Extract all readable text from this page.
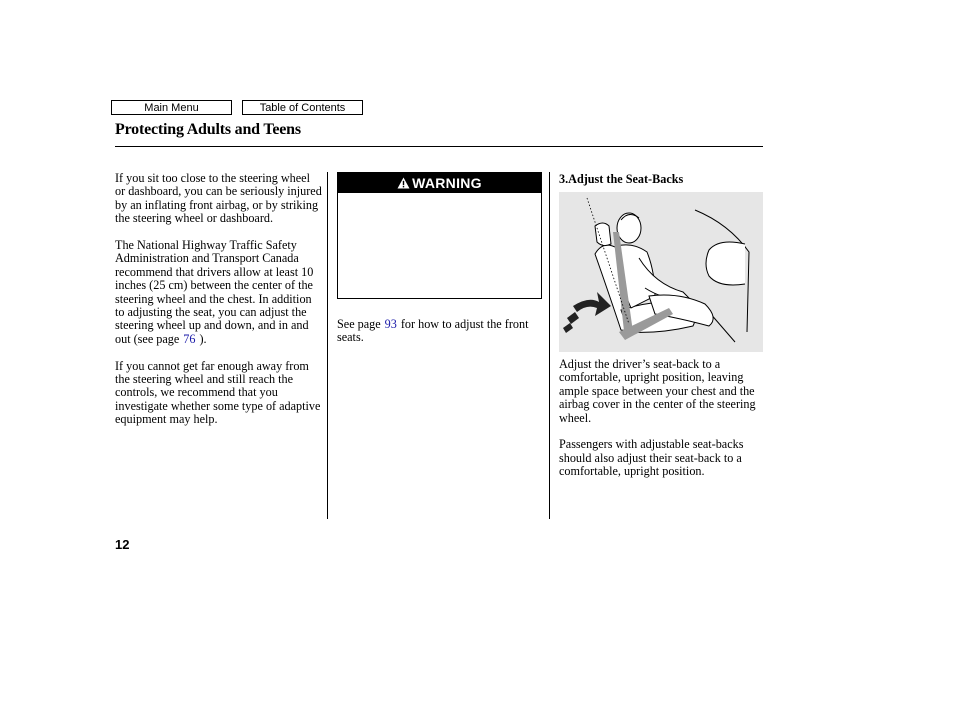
Main Menu	Table of Contents
Protecting Adults and Teens

If you sit too close to the steering wheel or dashboard, you can be seriously injured by an inflating front airbag, or by striking the steering wheel or dashboard.

The National Highway Traffic Safety Administration and Transport Canada recommend that drivers allow at least 10 inches (25 cm) between the center of the steering wheel and the chest. In addition to adjusting the seat, you can adjust the steering wheel up and down, and in and out (see page 76 ).

If you cannot get far enough away from the steering wheel and still reach the controls, we recommend that you investigate whether some type of adaptive equipment may help.

WARNING

See page 93 for how to adjust the front seats.

3.Adjust the Seat-Backs

Adjust the driver’s seat-back to a comfortable, upright position, leaving ample space between your chest and the airbag cover in the center of the steering wheel.

Passengers with adjustable seat-backs should also adjust their seat-back to a comfortable, upright position.

12
